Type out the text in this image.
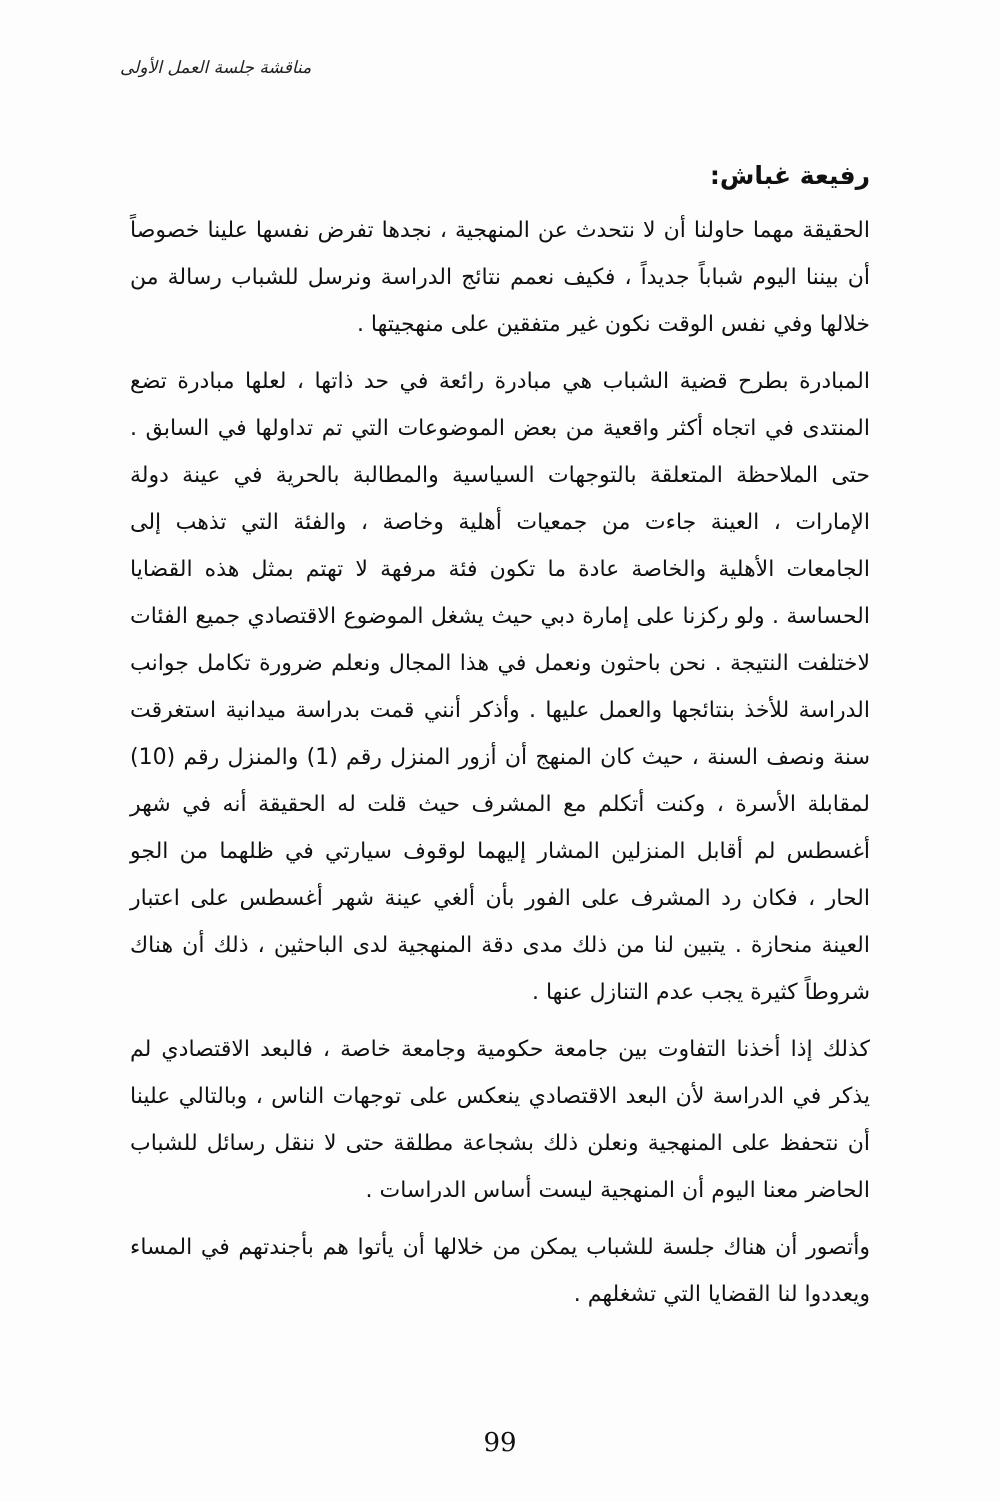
مناقشة جلسة العمل الأولى

رفيعة غباش:

الحقيقة مهما حاولنا أن لا نتحدث عن المنهجية ، نجدها تفرض نفسها علينا خصوصاً أن بيننا اليوم شباباً جديداً ، فكيف نعمم نتائج الدراسة ونرسل للشباب رسالة من خلالها وفي نفس الوقت نكون غير متفقين على منهجيتها .

المبادرة بطرح قضية الشباب هي مبادرة رائعة في حد ذاتها ، لعلها مبادرة تضع المنتدى في اتجاه أكثر واقعية من بعض الموضوعات التي تم تداولها في السابق . حتى الملاحظة المتعلقة بالتوجهات السياسية والمطالبة بالحرية في عينة دولة الإمارات ، العينة جاءت من جمعيات أهلية وخاصة ، والفئة التي تذهب إلى الجامعات الأهلية والخاصة عادة ما تكون فئة مرفهة لا تهتم بمثل هذه القضايا الحساسة . ولو ركزنا على إمارة دبي حيث يشغل الموضوع الاقتصادي جميع الفئات لاختلفت النتيجة . نحن باحثون ونعمل في هذا المجال ونعلم ضرورة تكامل جوانب الدراسة للأخذ بنتائجها والعمل عليها . وأذكر أنني قمت بدراسة ميدانية استغرقت سنة ونصف السنة ، حيث كان المنهج أن أزور المنزل رقم (1) والمنزل رقم (10) لمقابلة الأسرة ، وكنت أتكلم مع المشرف حيث قلت له الحقيقة أنه في شهر أغسطس لم أقابل المنزلين المشار إليهما لوقوف سيارتي في ظلهما من الجو الحار ، فكان رد المشرف على الفور بأن ألغي عينة شهر أغسطس على اعتبار العينة منحازة . يتبين لنا من ذلك مدى دقة المنهجية لدى الباحثين ، ذلك أن هناك شروطاً كثيرة يجب عدم التنازل عنها .

كذلك إذا أخذنا التفاوت بين جامعة حكومية وجامعة خاصة ، فالبعد الاقتصادي لم يذكر في الدراسة لأن البعد الاقتصادي ينعكس على توجهات الناس ، وبالتالي علينا أن نتحفظ على المنهجية ونعلن ذلك بشجاعة مطلقة حتى لا ننقل رسائل للشباب الحاضر معنا اليوم أن المنهجية ليست أساس الدراسات .

وأتصور أن هناك جلسة للشباب يمكن من خلالها أن يأتوا هم بأجندتهم في المساء ويعددوا لنا القضايا التي تشغلهم .

99
